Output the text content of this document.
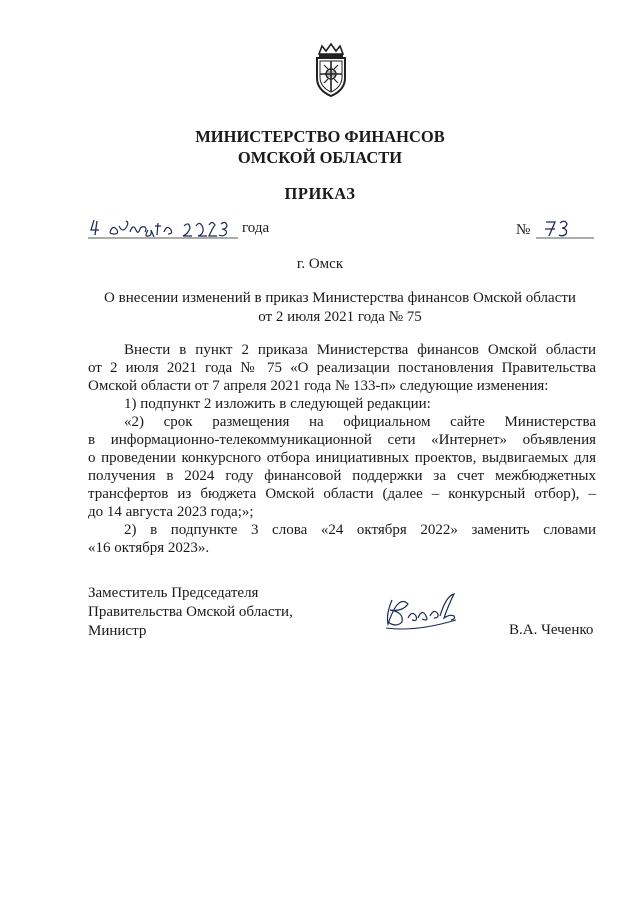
МИНИСТЕРСТВО ФИНАНСОВ
ОМСКОЙ ОБЛАСТИ
ПРИКАЗ
года	№
г. Омск
О внесении изменений в приказ Министерства финансов Омской области
от 2 июля 2021 года № 75
Внести в пункт 2 приказа Министерства финансов Омской области
от 2 июля 2021 года № 75 «О реализации постановления Правительства
Омской области от 7 апреля 2021 года № 133-п» следующие изменения:
1) подпункт 2 изложить в следующей редакции:
«2) срок размещения на официальном сайте Министерства
в информационно-телекоммуникационной сети «Интернет» объявления
о проведении конкурсного отбора инициативных проектов, выдвигаемых для
получения в 2024 году финансовой поддержки за счет межбюджетных
трансфертов из бюджета Омской области (далее – конкурсный отбор), –
до 14 августа 2023 года;»;
2) в подпункте 3 слова «24 октября 2022» заменить словами
«16 октября 2023».
Заместитель Председателя
Правительства Омской области,
Министр	В.А. Чеченко
